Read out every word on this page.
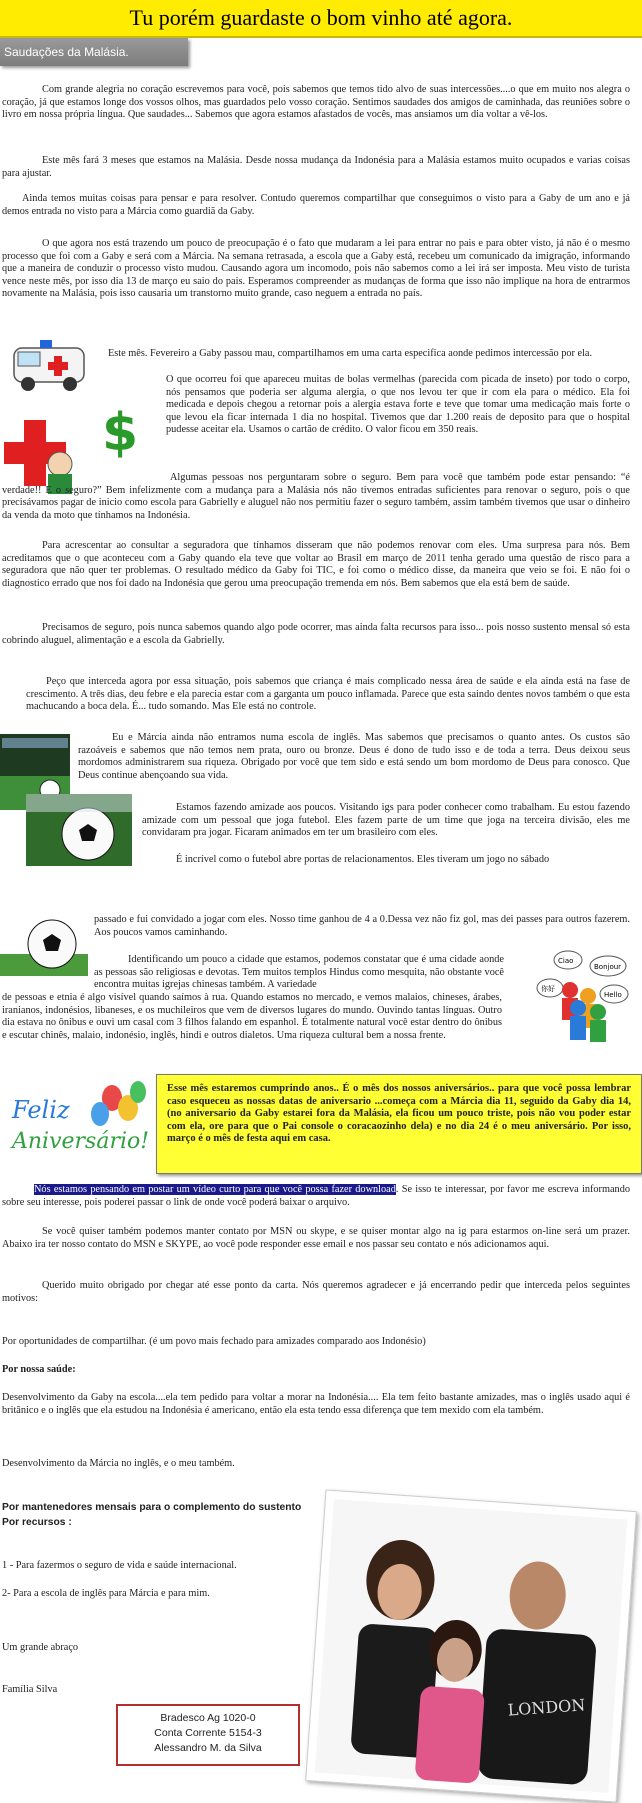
Tu porém guardaste o bom vinho até agora.
Saudações da Malásia.

Com grande alegria no coração escrevemos para você, pois sabemos que temos tido alvo de suas intercessões....o que em muito nos alegra o coração, já que estamos longe dos vossos olhos, mas guardados pelo vosso coração. Sentimos saudades dos amigos de caminhada, das reuniões sobre o livro em nossa própria língua. Que saudades... Sabemos que agora estamos afastados de vocês, mas ansiamos um dia voltar a vê-los.

Este mês fará 3 meses que estamos na Malásia. Desde nossa mudança da Indonésia para a Malásia estamos muito ocupados e varias coisas para ajustar.

Ainda temos muitas coisas para pensar e para resolver. Contudo queremos compartilhar que conseguimos o visto para a Gaby de um ano e já demos entrada no visto para a Márcia como guardiã da Gaby.

O que agora nos está trazendo um pouco de preocupação é o fato que mudaram a lei para entrar no pais e para obter visto, já não é o mesmo processo que foi com a Gaby e será com a Márcia. Na semana retrasada, a escola que a Gaby está, recebeu um comunicado da imigração, informando que a maneira de conduzir o processo visto mudou. Causando agora um incomodo, pois não sabemos como a lei irá ser imposta. Meu visto de turista vence neste mês, por isso dia 13 de março eu saio do pais. Esperamos compreender as mudanças de forma que isso não implique na hora de entrarmos novamente na Malásia, pois isso causaria um transtorno muito grande, caso neguem a entrada no país.

$

Este mês. Fevereiro a Gaby passou mau, compartilhamos em uma carta especifica aonde pedimos intercessão por ela.

O que ocorreu foi que apareceu muitas de bolas vermelhas (parecida com picada de inseto) por todo o corpo, nós pensamos que poderia ser alguma alergia, o que nos levou ter que ir com ela para o médico. Ela foi medicada e depois chegou a retornar pois a alergia estava forte e teve que tomar uma medicação mais forte o que levou ela ficar internada 1 dia no hospital. Tivemos que dar 1.200 reais de deposito para que o hospital pudesse aceitar ela. Usamos o cartão de crédito. O valor ficou em 350 reais.

Algumas pessoas nos perguntaram sobre o seguro. Bem para você que também pode estar pensando: “é verdade!! E o seguro?” Bem infelizmente com a mudança para a Malásia nós não tivemos entradas suficientes para renovar o seguro, pois o que precisávamos pagar de inicio como escola para Gabrielly e aluguel não nos permitiu fazer o seguro também, assim também tivemos que usar o dinheiro da venda da moto que tínhamos na Indonésia.

Para acrescentar ao consultar a seguradora que tínhamos disseram que não podemos renovar com eles. Uma surpresa para nós. Bem acreditamos que o que aconteceu com a Gaby quando ela teve que voltar ao Brasil em março de 2011 tenha gerado uma questão de risco para a seguradora que não quer ter problemas. O resultado médico da Gaby foi TIC, e foi como o médico disse, da maneira que veio se foi. E não foi o diagnostico errado que nos foi dado na Indonésia que gerou uma preocupação tremenda em nós. Bem sabemos que ela está bem de saúde.

Precisamos de seguro, pois nunca sabemos quando algo pode ocorrer, mas ainda falta recursos para isso... pois nosso sustento mensal só esta cobrindo aluguel, alimentação e a escola da Gabrielly.

Peço que interceda agora por essa situação, pois sabemos que criança é mais complicado nessa área de saúde e ela ainda está na fase de crescimento. A três dias, deu febre e ela parecia estar com a garganta um pouco inflamada. Parece que esta saindo dentes novos também o que esta machucando a boca dela. É... tudo somando. Mas Ele está no controle.

Eu e Márcia ainda não entramos numa escola de inglês. Mas sabemos que precisamos o quanto antes. Os custos são razoáveis e sabemos que não temos nem prata, ouro ou bronze. Deus é dono de tudo isso e de toda a terra. Deus deixou seus mordomos administrarem sua riqueza. Obrigado por você que tem sido e está sendo um bom mordomo de Deus para conosco. Que Deus continue abençoando sua vida.

Estamos fazendo amizade aos poucos. Visitando igs para poder conhecer como trabalham. Eu estou fazendo amizade com um pessoal que joga futebol. Eles fazem parte de um time que joga na terceira divisão, eles me convidaram pra jogar. Ficaram animados em ter um brasileiro com eles.

É incrível como o futebol abre portas de relacionamentos. Eles tiveram um jogo no sábado

passado e fui convidado a jogar com eles. Nosso time ganhou de 4 a 0.Dessa vez não fiz gol, mas dei passes para outros fazerem. Aos poucos vamos caminhando.

Ciao
Bonjour
你好
Hello

Identificando um pouco a cidade que estamos, podemos constatar que é uma cidade aonde as pessoas são religiosas e devotas. Tem muitos templos Hindus como mesquita, não obstante você encontra muitas igrejas chinesas também. A variedade

de pessoas e etnia é algo visível quando saímos à rua. Quando estamos no mercado, e vemos malaios, chineses, árabes, iranianos, indonésios, libaneses, e os muchileiros que vem de diversos lugares do mundo. Ouvindo tantas línguas. Outro dia estava no ônibus e ouvi um casal com 3 filhos falando em espanhol. É totalmente natural você estar dentro do ônibus e escutar chinês, malaio, indonésio, inglês, hindi e outros dialetos. Uma riqueza cultural bem a nossa frente.

Feliz
Aniversário!

Esse mês estaremos cumprindo anos.. É o mês dos nossos aniversários.. para que você possa lembrar caso esqueceu as nossas datas de aniversario ...começa com a Márcia dia 11, seguido da Gaby dia 14, (no aniversario da Gaby estarei fora da Malásia, ela ficou um pouco triste, pois não vou poder estar com ela, ore para que o Pai console o coracaozinho dela) e no dia 24 é o meu aniversário. Por isso, março é o mês de festa aqui em casa.

Nós estamos pensando em postar um vídeo curto para que você possa fazer download. Se isso te interessar, por favor me escreva informando sobre seu interesse, pois poderei passar o link de onde você poderá baixar o arquivo.

Se você quiser também podemos manter contato por MSN ou skype, e se quiser montar algo na ig para estarmos on-line será um prazer. Abaixo ira ter nosso contato do MSN e SKYPE, ao você pode responder esse email e nos passar seu contato e nós adicionamos aqui.

Querido muito obrigado por chegar até esse ponto da carta. Nós queremos agradecer e já encerrando pedir que interceda pelos seguintes motivos:

Por oportunidades de compartilhar. (é um povo mais fechado para amizades comparado aos Indonésio)

Por nossa saúde:

Desenvolvimento da Gaby na escola....ela tem pedido para voltar a morar na Indonésia.... Ela tem feito bastante amizades, mas o inglês usado aqui é britânico e o inglês que ela estudou na Indonésia é americano, então ela esta tendo essa diferença que tem mexido com ela também.

Desenvolvimento da Márcia no inglês, e o meu também.

Por mantenedores mensais para o complemento do sustento

Por recursos :

1 - Para fazermos o seguro de vida e saúde internacional.

2- Para a escola de inglês para Márcia e para mim.

Um grande abraço

Família Silva

Bradesco Ag 1020-0
Conta Corrente 5154-3
Alessandro M. da Silva
LONDON
